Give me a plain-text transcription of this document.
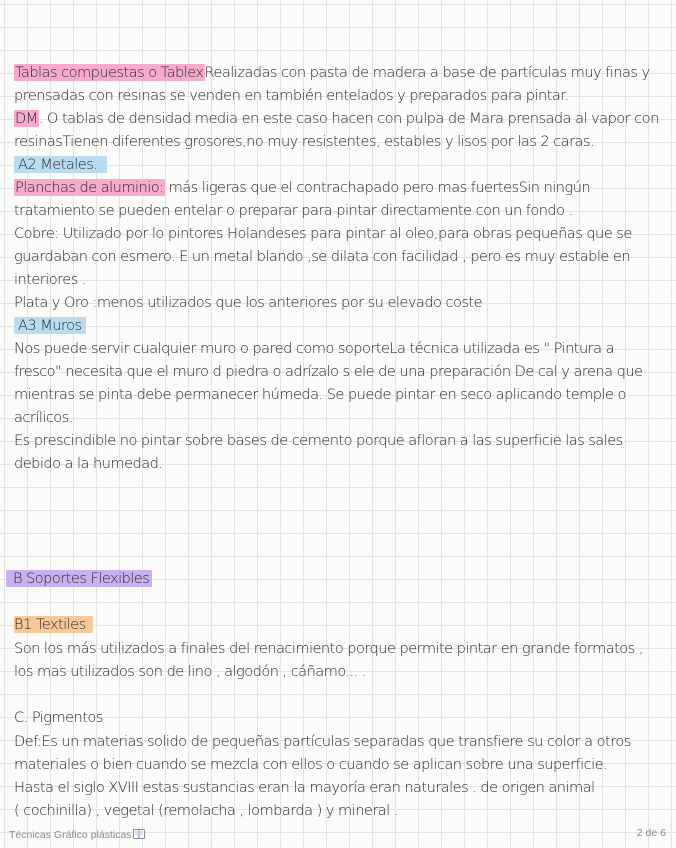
Tablas compuestas o TablexRealizadas con pasta de madera a base de partículas muy finas y
prensadas con resinas se venden en también entelados y preparados para pintar.
DM. O tablas de densidad media en este caso hacen con pulpa de Mara prensada al vapor con
resinasTienen diferentes grosores,no muy resistentes, estables y lisos por las 2 caras.
A2 Metales.
Planchas de aluminio: más ligeras que el contrachapado pero mas fuertesSin ningún
tratamiento se pueden entelar o preparar para pintar directamente con un fondo .
Cobre: Utilizado por lo pintores Holandeses para pintar al oleo,para obras pequeñas que se
guardaban con esmero. E un metal blando ,se dilata con facilidad , pero es muy estable en
interiores .
Plata y Oro :menos utilizados que los anteriores por su elevado coste
A3 Muros
Nos puede servir cualquier muro o pared como soporteLa técnica utilizada es " Pintura a
fresco" necesita que el muro d piedra o adrízalo s ele de una preparación De cal y arena que
mientras se pinta debe permanecer húmeda. Se puede pintar en seco aplicando temple o
acrílicos.
Es prescindible no pintar sobre bases de cemento porque afloran a las superficie las sales
debido a la humedad.
B Soportes Flexibles
B1 Textiles
Son los más utilizados a finales del renacimiento porque permite pintar en grande formatos ,
los mas utilizados son de lino , algodón , cáñamo... .
C. Pigmentos
Def:Es un materias solido de pequeñas partículas separadas que transfiere su color a otros
materiales o bien cuando se mezcla con ellos o cuando se aplican sobre una superficie.
Hasta el siglo XVIII estas sustancias eran la mayoría eran naturales . de origen animal
( cochinilla) , vegetal (remolacha , lombarda ) y mineral .
Técnicas Gráfico plásticas	2 de 6
